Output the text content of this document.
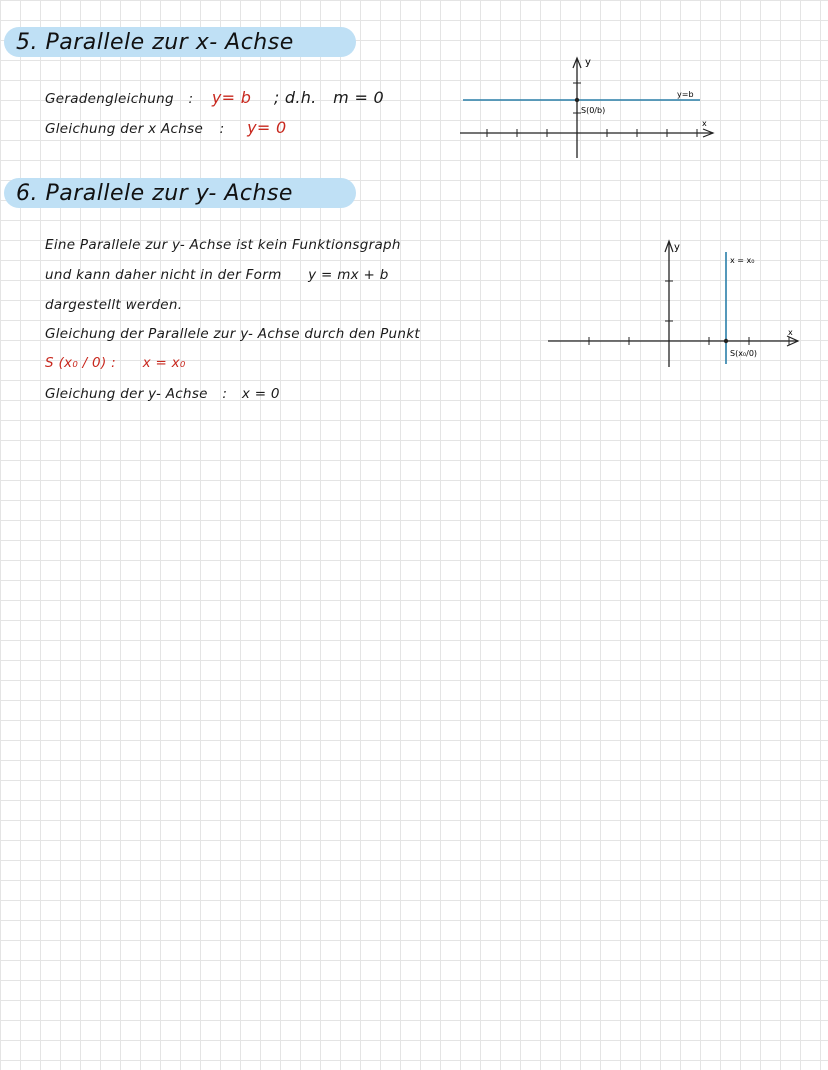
5. Parallele zur x- Achse
Geradengleichung : y= b ; d.h. m = 0
Gleichung der x Achse : y= 0
y
x
y=b
S(0/b)
6. Parallele zur y- Achse
Eine Parallele zur y- Achse ist kein Funktionsgraph
und kann daher nicht in der Form y = mx + b
dargestellt werden.
Gleichung der Parallele zur y- Achse durch den Punkt
S (x₀ / 0) : x = x₀
Gleichung der y- Achse : x = 0
y
x
x = x₀
S(x₀/0)
